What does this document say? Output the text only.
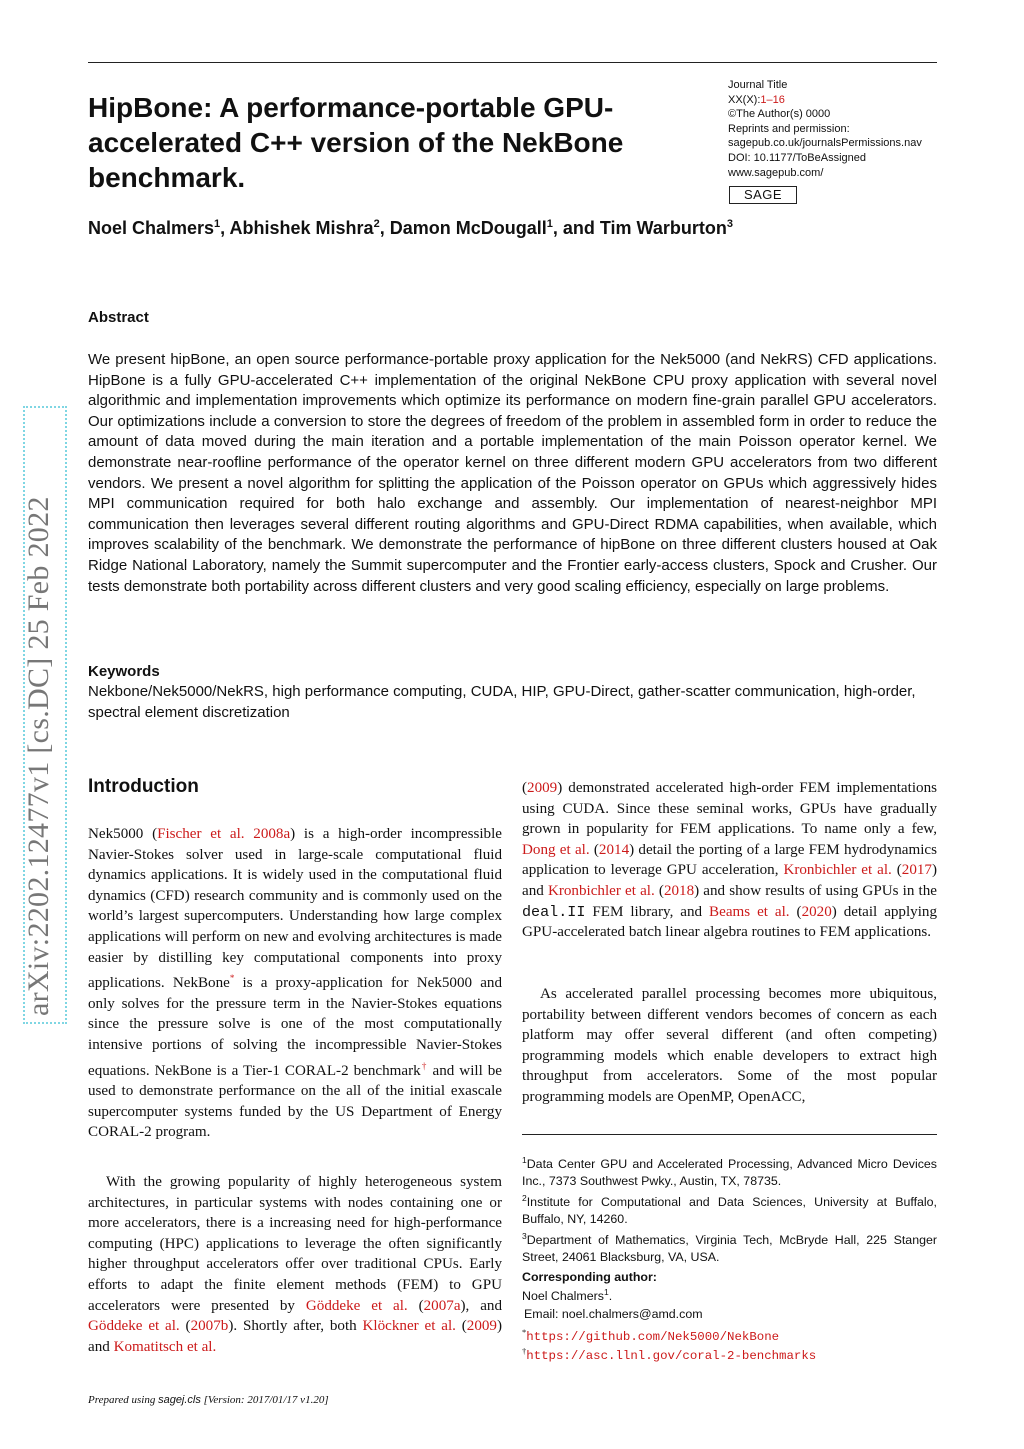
HipBone: A performance-portable GPU-accelerated C++ version of the NekBone benchmark.
Journal Title
XX(X):1–16
©The Author(s) 0000
Reprints and permission:
sagepub.co.uk/journalsPermissions.nav
DOI: 10.1177/ToBeAssigned
www.sagepub.com/
SAGE
Noel Chalmers$^1$, Abhishek Mishra$^2$, Damon McDougall$^1$, and Tim Warburton$^3$
Abstract

We present hipBone, an open source performance-portable proxy application for the Nek5000 (and NekRS) CFD applications. HipBone is a fully GPU-accelerated C++ implementation of the original NekBone CPU proxy application with several novel algorithmic and implementation improvements which optimize its performance on modern fine-grain parallel GPU accelerators. Our optimizations include a conversion to store the degrees of freedom of the problem in assembled form in order to reduce the amount of data moved during the main iteration and a portable implementation of the main Poisson operator kernel. We demonstrate near-roofline performance of the operator kernel on three different modern GPU accelerators from two different vendors. We present a novel algorithm for splitting the application of the Poisson operator on GPUs which aggressively hides MPI communication required for both halo exchange and assembly. Our implementation of nearest-neighbor MPI communication then leverages several different routing algorithms and GPU-Direct RDMA capabilities, when available, which improves scalability of the benchmark. We demonstrate the performance of hipBone on three different clusters housed at Oak Ridge National Laboratory, namely the Summit supercomputer and the Frontier early-access clusters, Spock and Crusher. Our tests demonstrate both portability across different clusters and very good scaling efficiency, especially on large problems.

Keywords

Nekbone/Nek5000/NekRS, high performance computing, CUDA, HIP, GPU-Direct, gather-scatter communication, high-order, spectral element discretization

arXiv:2202.12477v1 [cs.DC] 25 Feb 2022 Introduction

Nek5000 (Fischer et al. 2008a) is a high-order incompressible Navier-Stokes solver used in large-scale computational fluid dynamics applications. It is widely used in the computational fluid dynamics (CFD) research community and is commonly used on the world’s largest supercomputers. Understanding how large complex applications will perform on new and evolving architectures is made easier by distilling key computational components into proxy applications. NekBone* is a proxy-application for Nek5000 and only solves for the pressure term in the Navier-Stokes equations since the pressure solve is one of the most computationally intensive portions of solving the incompressible Navier-Stokes equations. NekBone is a Tier-1 CORAL-2 benchmark† and will be used to demonstrate performance on the all of the initial exascale supercomputer systems funded by the US Department of Energy CORAL-2 program.

With the growing popularity of highly heterogeneous system architectures, in particular systems with nodes containing one or more accelerators, there is a increasing need for high-performance computing (HPC) applications to leverage the often significantly higher throughput accelerators offer over traditional CPUs. Early efforts to adapt the finite element methods (FEM) to GPU accelerators were presented by Göddeke et al. (2007a), and Göddeke et al. (2007b). Shortly after, both Klöckner et al. (2009) and Komatitsch et al.

(2009) demonstrated accelerated high-order FEM implementations using CUDA. Since these seminal works, GPUs have gradually grown in popularity for FEM applications. To name only a few, Dong et al. (2014) detail the porting of a large FEM hydrodynamics application to leverage GPU acceleration, Kronbichler et al. (2017) and Kronbichler et al. (2018) and show results of using GPUs in the deal.II FEM library, and Beams et al. (2020) detail applying GPU-accelerated batch linear algebra routines to FEM applications.

As accelerated parallel processing becomes more ubiquitous, portability between different vendors becomes of concern as each platform may offer several different (and often competing) programming models which enable developers to extract high throughput from accelerators. Some of the most popular programming models are OpenMP, OpenACC,

$^1$Data Center GPU and Accelerated Processing, Advanced Micro Devices Inc., 7373 Southwest Pwky., Austin, TX, 78735.

$^2$Institute for Computational and Data Sciences, University at Buffalo, Buffalo, NY, 14260.

$^3$Department of Mathematics, Virginia Tech, McBryde Hall, 225 Stanger Street, 24061 Blacksburg, VA, USA.

Corresponding author:
Noel Chalmers$^1$.
Email: noel.chalmers@amd.com
*https://github.com/Nek5000/NekBone
†https://asc.llnl.gov/coral-2-benchmarks
Prepared using sagej.cls [Version: 2017/01/17 v1.20]
